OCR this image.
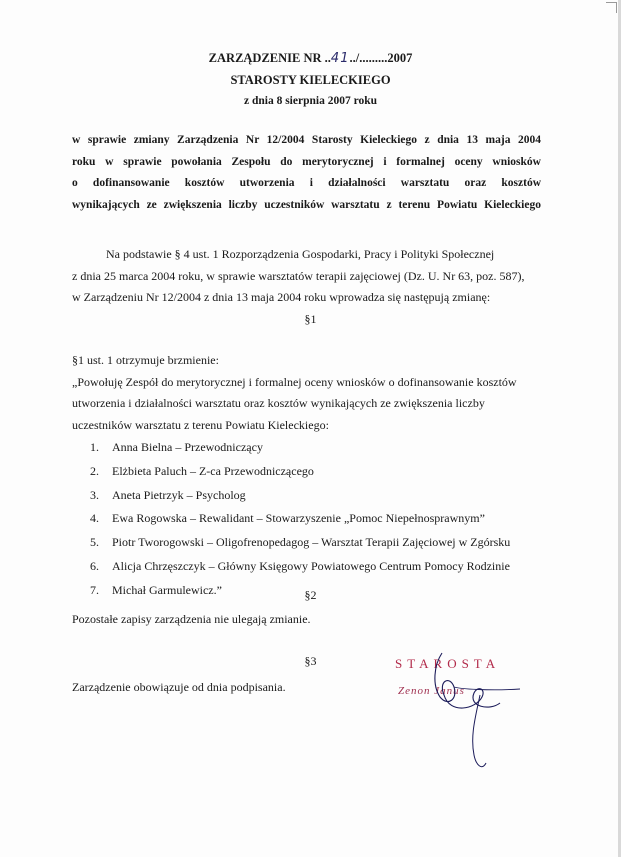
ZARZĄDZENIE NR ..41../.........2007
STAROSTY KIELECKIEGO
z dnia 8 sierpnia 2007 roku
w sprawie zmiany Zarządzenia Nr 12/2004 Starosty Kieleckiego z dnia 13 maja 2004
roku w sprawie powołania Zespołu do merytorycznej i formalnej oceny wniosków
o dofinansowanie kosztów utworzenia i działalności warsztatu oraz kosztów
wynikających ze zwiększenia liczby uczestników warsztatu z terenu Powiatu Kieleckiego
Na podstawie § 4 ust. 1 Rozporządzenia Gospodarki, Pracy i Polityki Społecznej
z dnia 25 marca 2004 roku, w sprawie warsztatów terapii zajęciowej (Dz. U. Nr 63, poz. 587),
w Zarządzeniu Nr 12/2004 z dnia 13 maja 2004 roku wprowadza się następują zmianę:
§1
§1 ust. 1 otrzymuje brzmienie:
„Powołuję Zespół do merytorycznej i formalnej oceny wniosków o dofinansowanie kosztów
utworzenia i działalności warsztatu oraz kosztów wynikających ze zwiększenia liczby
uczestników warsztatu z terenu Powiatu Kieleckiego:
1. Anna Bielna – Przewodniczący
2. Elżbieta Paluch – Z-ca Przewodniczącego
3. Aneta Pietrzyk – Psycholog
4. Ewa Rogowska – Rewalidant – Stowarzyszenie „Pomoc Niepełnosprawnym”
5. Piotr Tworogowski – Oligofrenopedagog – Warsztat Terapii Zajęciowej w Zgórsku
6. Alicja Chrzęszczyk – Główny Księgowy Powiatowego Centrum Pomocy Rodzinie
7. Michał Garmulewicz.”	§2
Pozostałe zapisy zarządzenia nie ulegają zmianie.
§3
Zarządzenie obowiązuje od dnia podpisania.
STAROSTA
Zenon Janus
